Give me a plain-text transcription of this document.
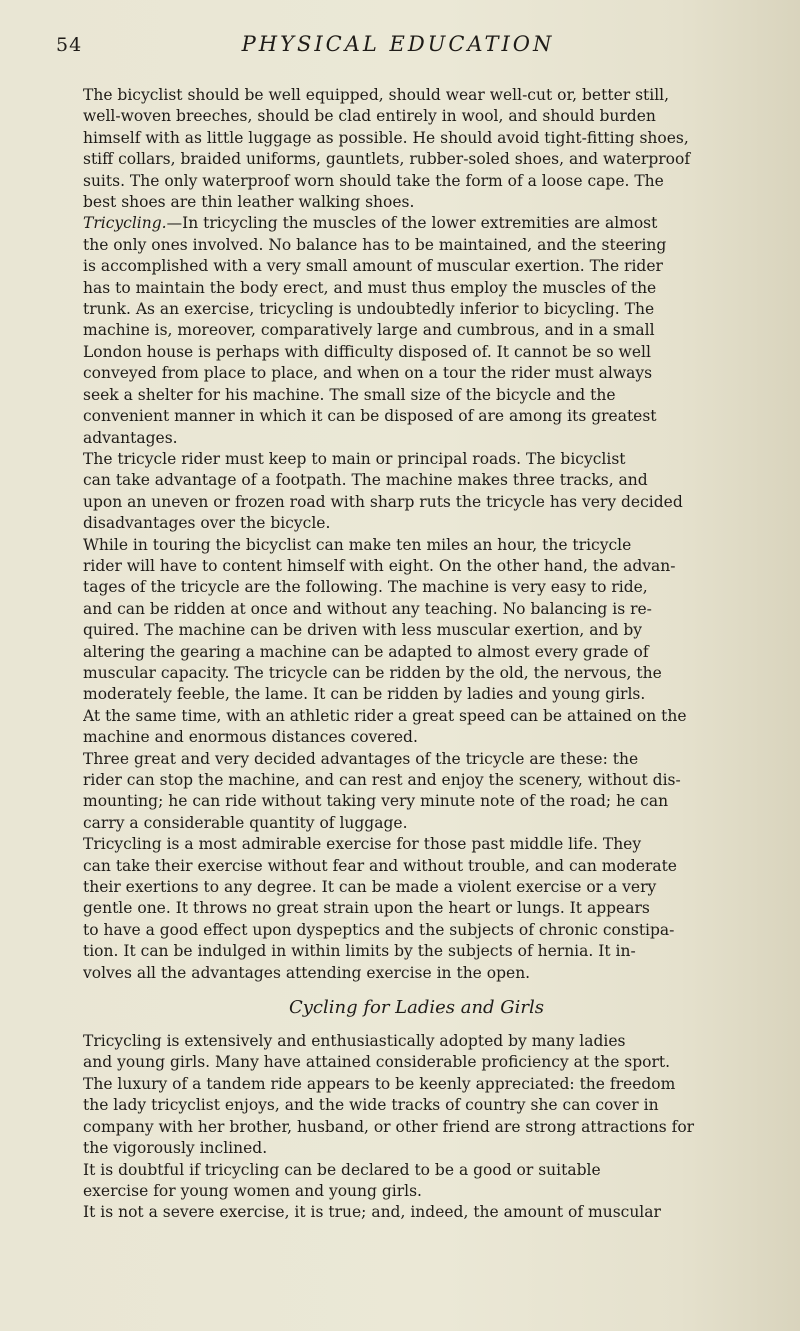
54	PHYSICAL EDUCATION
The bicyclist should be well equipped, should wear well-cut or, better still,
well-woven breeches, should be clad entirely in wool, and should burden
himself with as little luggage as possible. He should avoid tight-fitting shoes,
stiff collars, braided uniforms, gauntlets, rubber-soled shoes, and waterproof
suits. The only waterproof worn should take the form of a loose cape. The
best shoes are thin leather walking shoes.
Tricycling.—In tricycling the muscles of the lower extremities are almost
the only ones involved. No balance has to be maintained, and the steering
is accomplished with a very small amount of muscular exertion. The rider
has to maintain the body erect, and must thus employ the muscles of the
trunk. As an exercise, tricycling is undoubtedly inferior to bicycling. The
machine is, moreover, comparatively large and cumbrous, and in a small
London house is perhaps with difficulty disposed of. It cannot be so well
conveyed from place to place, and when on a tour the rider must always
seek a shelter for his machine. The small size of the bicycle and the
convenient manner in which it can be disposed of are among its greatest
advantages.
The tricycle rider must keep to main or principal roads. The bicyclist
can take advantage of a footpath. The machine makes three tracks, and
upon an uneven or frozen road with sharp ruts the tricycle has very decided
disadvantages over the bicycle.
While in touring the bicyclist can make ten miles an hour, the tricycle
rider will have to content himself with eight. On the other hand, the advan-
tages of the tricycle are the following. The machine is very easy to ride,
and can be ridden at once and without any teaching. No balancing is re-
quired. The machine can be driven with less muscular exertion, and by
altering the gearing a machine can be adapted to almost every grade of
muscular capacity. The tricycle can be ridden by the old, the nervous, the
moderately feeble, the lame. It can be ridden by ladies and young girls.
At the same time, with an athletic rider a great speed can be attained on the
machine and enormous distances covered.
Three great and very decided advantages of the tricycle are these: the
rider can stop the machine, and can rest and enjoy the scenery, without dis-
mounting; he can ride without taking very minute note of the road; he can
carry a considerable quantity of luggage.
Tricycling is a most admirable exercise for those past middle life. They
can take their exercise without fear and without trouble, and can moderate
their exertions to any degree. It can be made a violent exercise or a very
gentle one. It throws no great strain upon the heart or lungs. It appears
to have a good effect upon dyspeptics and the subjects of chronic constipa-
tion. It can be indulged in within limits by the subjects of hernia. It in-
volves all the advantages attending exercise in the open.
Cycling for Ladies and Girls
Tricycling is extensively and enthusiastically adopted by many ladies
and young girls. Many have attained considerable proficiency at the sport.
The luxury of a tandem ride appears to be keenly appreciated: the freedom
the lady tricyclist enjoys, and the wide tracks of country she can cover in
company with her brother, husband, or other friend are strong attractions for
the vigorously inclined.
It is doubtful if tricycling can be declared to be a good or suitable
exercise for young women and young girls.
It is not a severe exercise, it is true; and, indeed, the amount of muscular
